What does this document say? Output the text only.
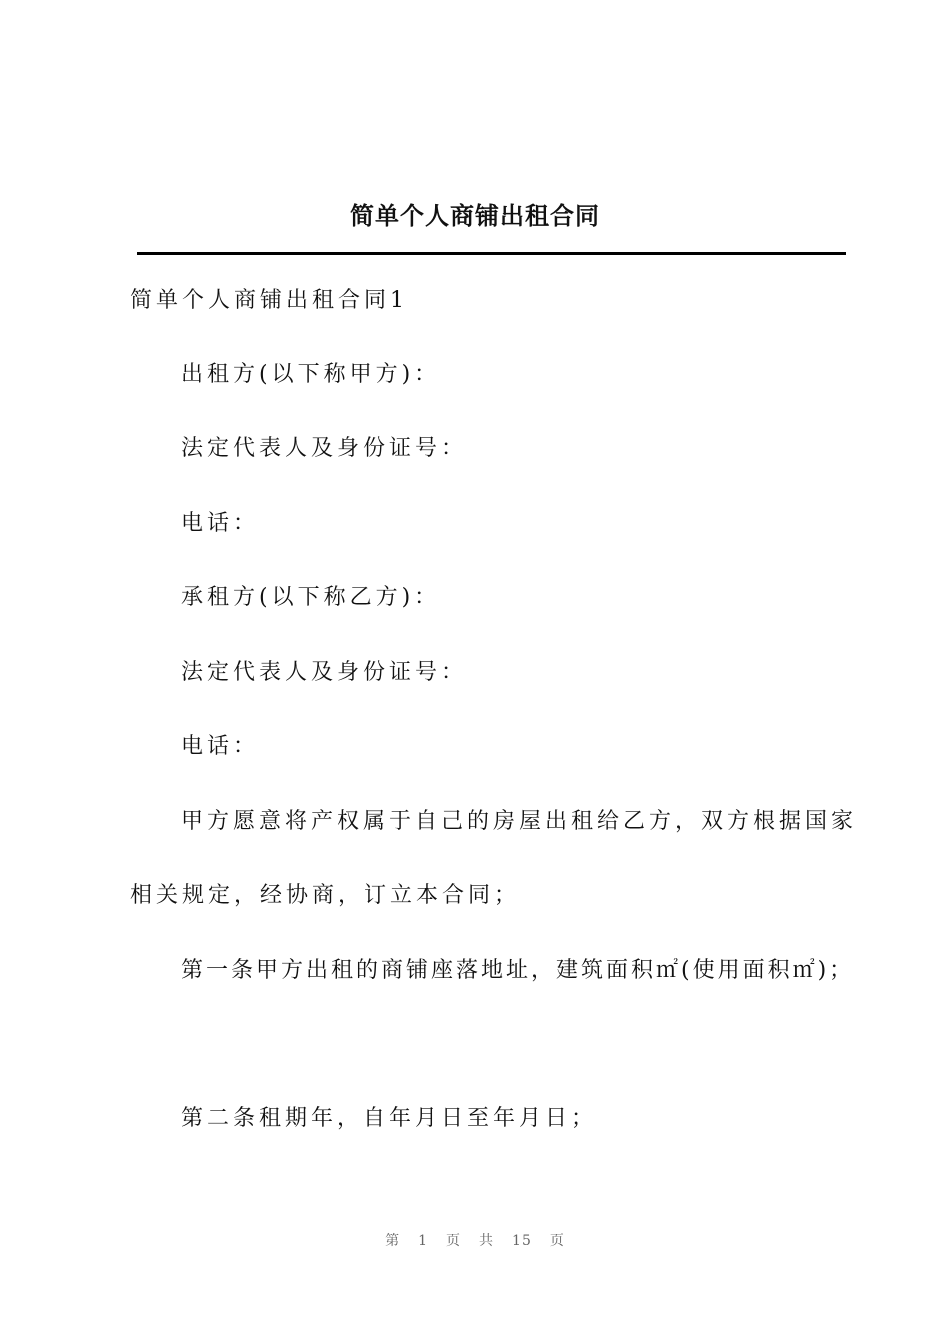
简单个人商铺出租合同
简单个人商铺出租合同1
出租方(以下称甲方)：
法定代表人及身份证号：
电话：
承租方(以下称乙方)：
法定代表人及身份证号：
电话：
甲方愿意将产权属于自己的房屋出租给乙方，双方根据国家
相关规定，经协商，订立本合同；
第一条甲方出租的商铺座落地址，建筑面积㎡(使用面积㎡)；
第二条租期年，自年月日至年月日；
第 1 页 共 15 页
